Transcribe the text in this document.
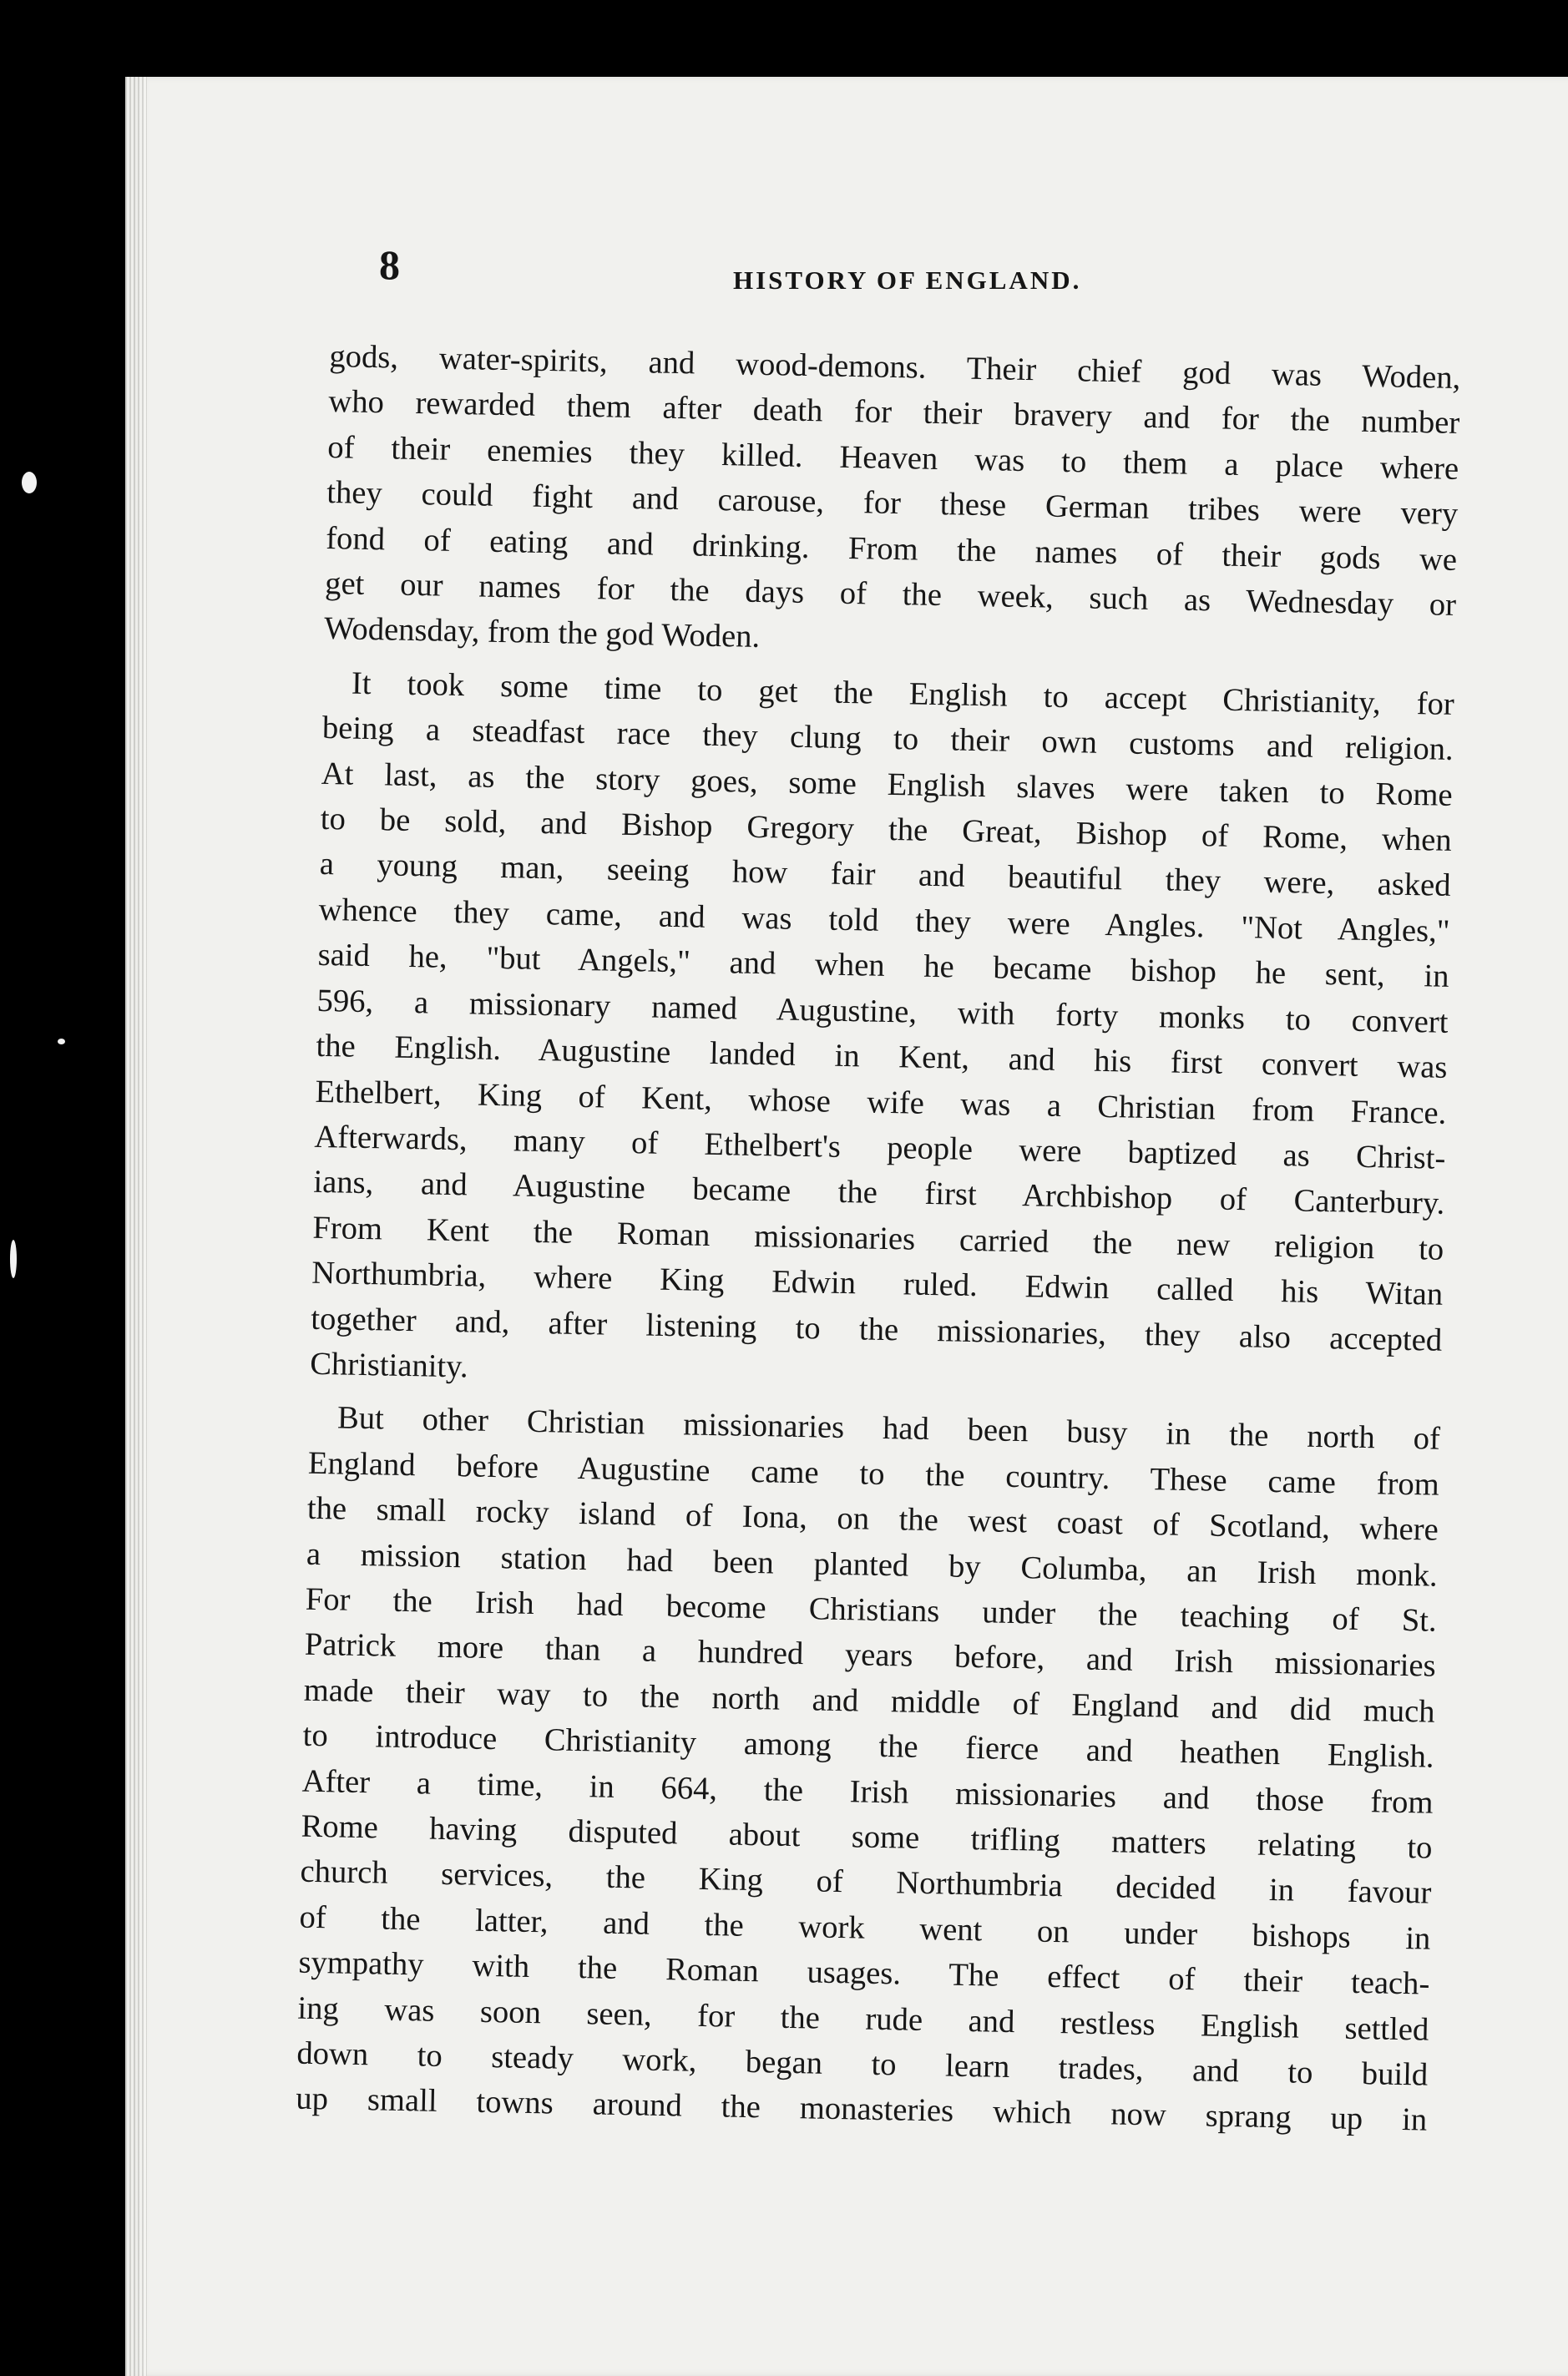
8	HISTORY OF ENGLAND.
gods, water-spirits, and wood-demons. Their chief god was Woden,
who rewarded them after death for their bravery and for the number
of their enemies they killed. Heaven was to them a place where
they could fight and carouse, for these German tribes were very
fond of eating and drinking. From the names of their gods we
get our names for the days of the week, such as Wednesday or
Wodensday, from the god Woden.
It took some time to get the English to accept Christianity, for
being a steadfast race they clung to their own customs and religion.
At last, as the story goes, some English slaves were taken to Rome
to be sold, and Bishop Gregory the Great, Bishop of Rome, when
a young man, seeing how fair and beautiful they were, asked
whence they came, and was told they were Angles. "Not Angles,"
said he, "but Angels," and when he became bishop he sent, in
596, a missionary named Augustine, with forty monks to convert
the English. Augustine landed in Kent, and his first convert was
Ethelbert, King of Kent, whose wife was a Christian from France.
Afterwards, many of Ethelbert's people were baptized as Christ-
ians, and Augustine became the first Archbishop of Canterbury.
From Kent the Roman missionaries carried the new religion to
Northumbria, where King Edwin ruled. Edwin called his Witan
together and, after listening to the missionaries, they also accepted
Christianity.
But other Christian missionaries had been busy in the north of
England before Augustine came to the country. These came from
the small rocky island of Iona, on the west coast of Scotland, where
a mission station had been planted by Columba, an Irish monk.
For the Irish had become Christians under the teaching of St.
Patrick more than a hundred years before, and Irish missionaries
made their way to the north and middle of England and did much
to introduce Christianity among the fierce and heathen English.
After a time, in 664, the Irish missionaries and those from
Rome having disputed about some trifling matters relating to
church services, the King of Northumbria decided in favour
of the latter, and the work went on under bishops in
sympathy with the Roman usages. The effect of their teach-
ing was soon seen, for the rude and restless English settled
down to steady work, began to learn trades, and to build
up small towns around the monasteries which now sprang up in
